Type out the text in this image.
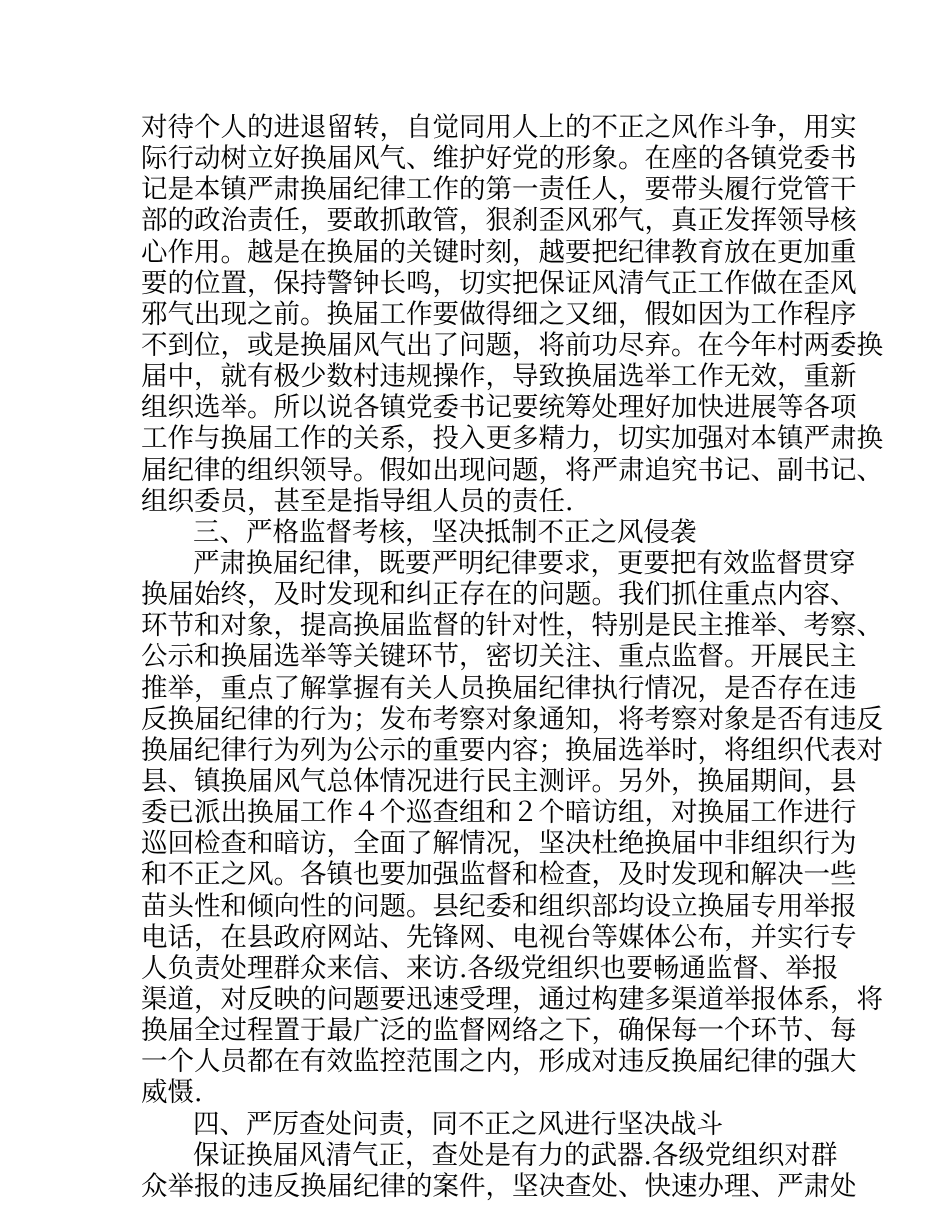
对待个人的进退留转，自觉同用人上的不正之风作斗争，用实
际行动树立好换届风气、维护好党的形象。在座的各镇党委书
记是本镇严肃换届纪律工作的第一责任人，要带头履行党管干
部的政治责任，要敢抓敢管，狠刹歪风邪气，真正发挥领导核
心作用。越是在换届的关键时刻，越要把纪律教育放在更加重
要的位置，保持警钟长鸣，切实把保证风清气正工作做在歪风
邪气出现之前。换届工作要做得细之又细，假如因为工作程序
不到位，或是换届风气出了问题，将前功尽弃。在今年村两委换
届中，就有极少数村违规操作，导致换届选举工作无效，重新
组织选举。所以说各镇党委书记要统筹处理好加快进展等各项
工作与换届工作的关系，投入更多精力，切实加强对本镇严肃换
届纪律的组织领导。假如出现问题，将严肃追究书记、副书记、
组织委员，甚至是指导组人员的责任.
三、严格监督考核，坚决抵制不正之风侵袭
严肃换届纪律，既要严明纪律要求，更要把有效监督贯穿
换届始终，及时发现和纠正存在的问题。我们抓住重点内容、
环节和对象，提高换届监督的针对性，特别是民主推举、考察、
公示和换届选举等关键环节，密切关注、重点监督。开展民主
推举，重点了解掌握有关人员换届纪律执行情况，是否存在违
反换届纪律的行为；发布考察对象通知，将考察对象是否有违反
换届纪律行为列为公示的重要内容；换届选举时，将组织代表对
县、镇换届风气总体情况进行民主测评。另外，换届期间，县
委已派出换届工作４个巡查组和２个暗访组，对换届工作进行
巡回检查和暗访，全面了解情况，坚决杜绝换届中非组织行为
和不正之风。各镇也要加强监督和检查，及时发现和解决一些
苗头性和倾向性的问题。县纪委和组织部均设立换届专用举报
电话，在县政府网站、先锋网、电视台等媒体公布，并实行专
人负责处理群众来信、来访.各级党组织也要畅通监督、举报
渠道，对反映的问题要迅速受理，通过构建多渠道举报体系，将
换届全过程置于最广泛的监督网络之下，确保每一个环节、每
一个人员都在有效监控范围之内，形成对违反换届纪律的强大
威慑.
四、严厉查处问责，同不正之风进行坚决战斗
保证换届风清气正，查处是有力的武器.各级党组织对群
众举报的违反换届纪律的案件，坚决查处、快速办理、严肃处
